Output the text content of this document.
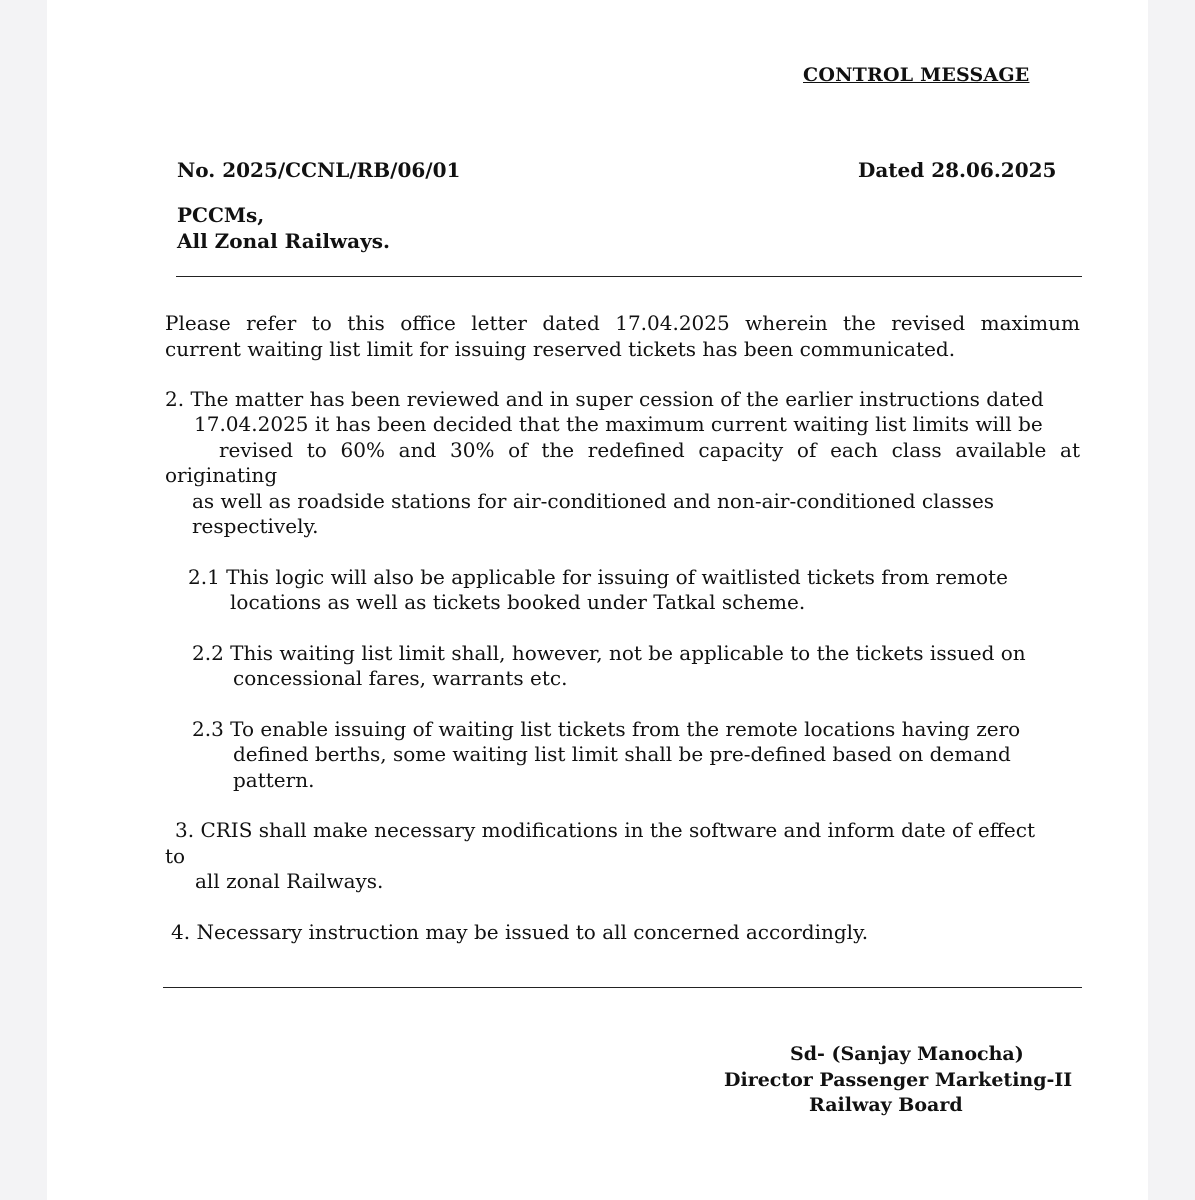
CONTROL MESSAGE

No. 2025/CCNL/RB/06/01	Dated 28.06.2025

PCCMs,

All Zonal Railways.

Please refer to this office letter dated 17.04.2025 wherein the revised maximum

current waiting list limit for issuing reserved tickets has been communicated.

2. The matter has been reviewed and in super cession of the earlier instructions dated

17.04.2025 it has been decided that the maximum current waiting list limits will be

revised to 60% and 30% of the redefined capacity of each class available at

originating

as well as roadside stations for air-conditioned and non-air-conditioned classes

respectively.

2.1 This logic will also be applicable for issuing of waitlisted tickets from remote

locations as well as tickets booked under Tatkal scheme.

2.2 This waiting list limit shall, however, not be applicable to the tickets issued on

concessional fares, warrants etc.

2.3 To enable issuing of waiting list tickets from the remote locations having zero

defined berths, some waiting list limit shall be pre-defined based on demand

pattern.

3. CRIS shall make necessary modifications in the software and inform date of effect

to

all zonal Railways.

4. Necessary instruction may be issued to all concerned accordingly.

Sd- (Sanjay Manocha)

Director Passenger Marketing-II

Railway Board
